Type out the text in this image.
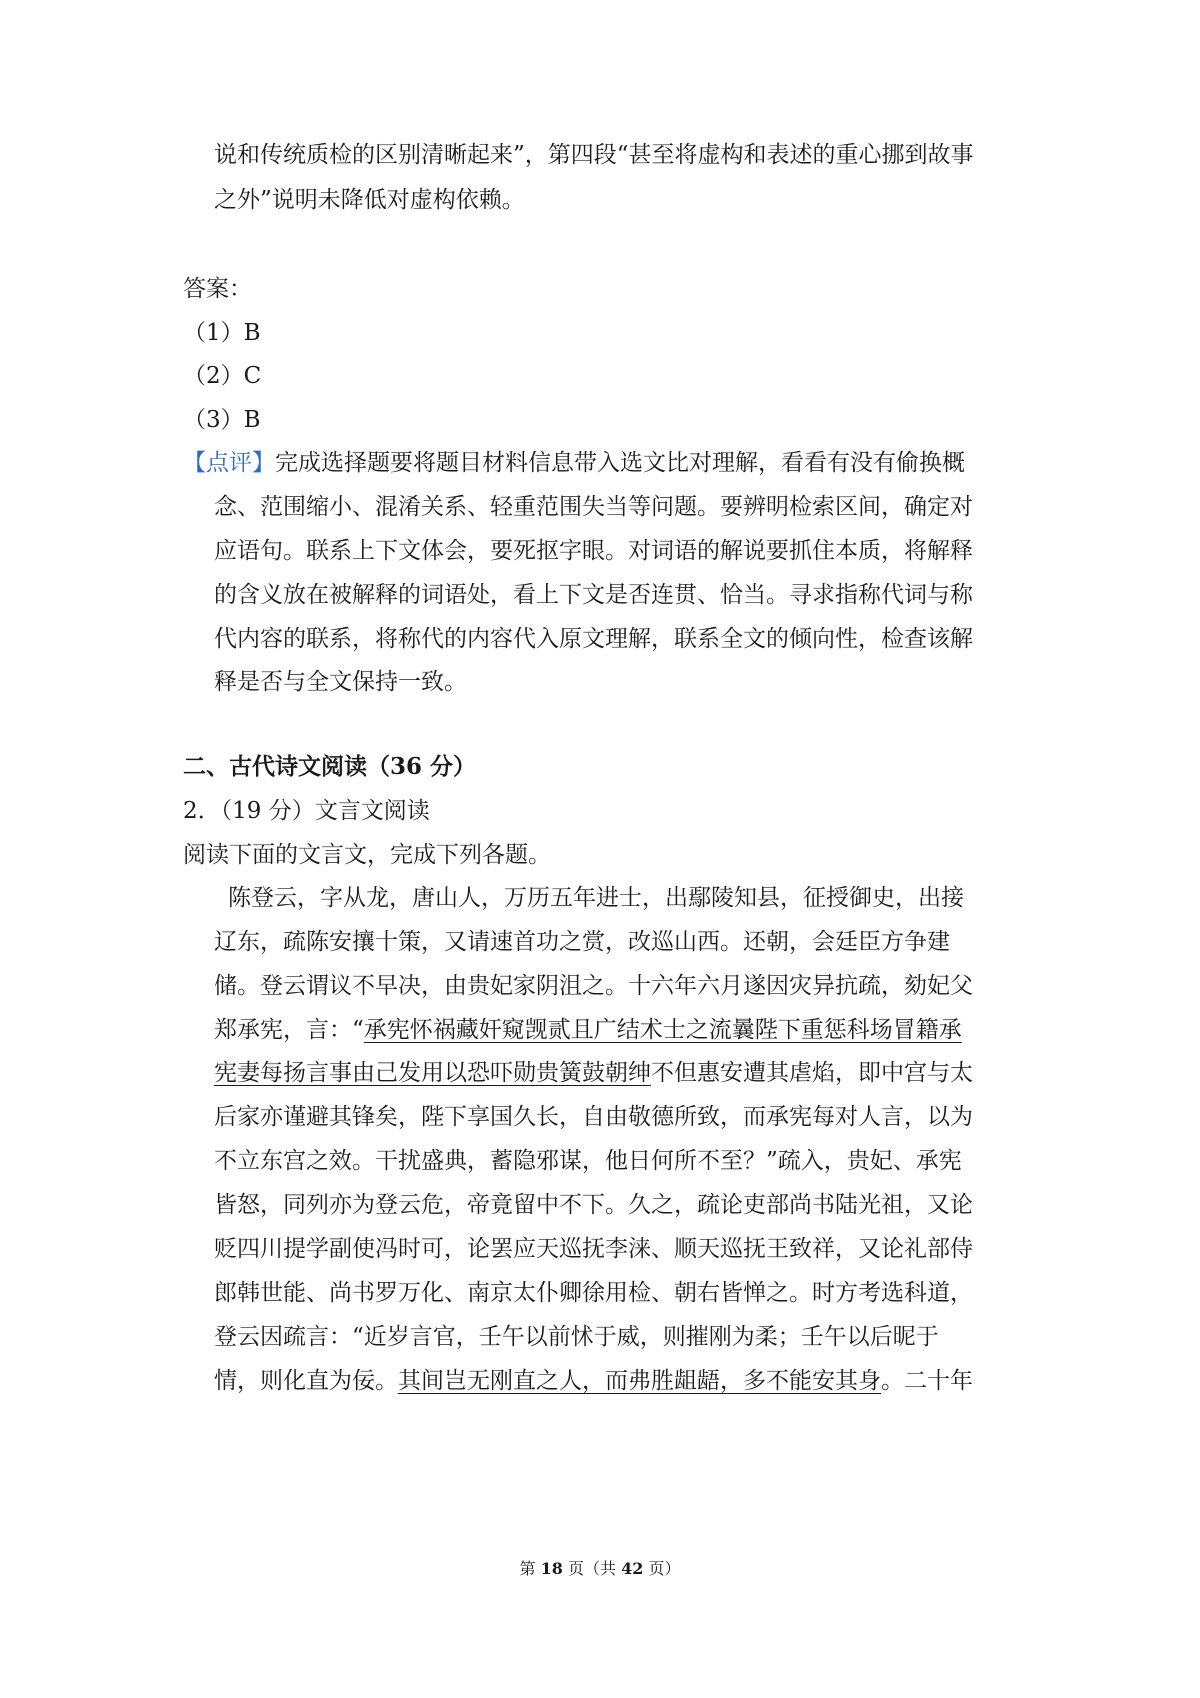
说和传统质检的区别清晰起来”，第四段“甚至将虚构和表述的重心挪到故事
之外”说明未降低对虚构依赖。
答案：
（1）B
（2）C
（3）B
【点评】完成选择题要将题目材料信息带入选文比对理解，看看有没有偷换概
念、范围缩小、混淆关系、轻重范围失当等问题。要辨明检索区间，确定对
应语句。联系上下文体会，要死抠字眼。对词语的解说要抓住本质，将解释
的含义放在被解释的词语处，看上下文是否连贯、恰当。寻求指称代词与称
代内容的联系，将称代的内容代入原文理解，联系全文的倾向性，检查该解
释是否与全文保持一致。
二、古代诗文阅读（36 分）
2．（19 分）文言文阅读
阅读下面的文言文，完成下列各题。
陈登云，字从龙，唐山人，万历五年进士，出鄢陵知县，征授御史，出接
辽东，疏陈安攘十策，又请速首功之赏，改巡山西。还朝，会廷臣方争建
储。登云谓议不早决，由贵妃家阴沮之。十六年六月遂因灾异抗疏，劾妃父
郑承宪，言：“承宪怀祸藏奸窥觊贰且广结术士之流曩陛下重惩科场冒籍承
宪妻每扬言事由己发用以恐吓勋贵簧鼓朝绅不但惠安遭其虐焰，即中宫与太
后家亦谨避其锋矣，陛下享国久长，自由敬德所致，而承宪每对人言，以为
不立东宫之效。干扰盛典，蓄隐邪谋，他日何所不至？”疏入，贵妃、承宪
皆怒，同列亦为登云危，帝竟留中不下。久之，疏论吏部尚书陆光祖，又论
贬四川提学副使冯时可，论罢应天巡抚李涞、顺天巡抚王致祥，又论礼部侍
郎韩世能、尚书罗万化、南京太仆卿徐用检、朝右皆惮之。时方考选科道，
登云因疏言：“近岁言官，壬午以前怵于威，则摧刚为柔；壬午以后昵于
情，则化直为佞。其间岂无刚直之人，而弗胜龃龉，多不能安其身。二十年
第 18 页（共 42 页）
